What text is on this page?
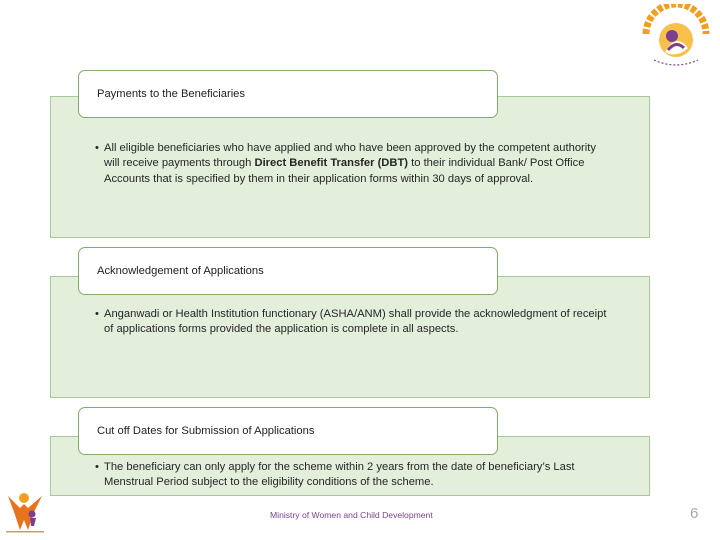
Payments to the Beneficiaries
• All eligible beneficiaries who have applied and who have been approved by the competent authority will receive payments through Direct Benefit Transfer (DBT) to their individual Bank/ Post Office Accounts that is specified by them in their application forms within 30 days of approval.
Acknowledgement of Applications
• Anganwadi or Health Institution functionary (ASHA/ANM) shall provide the acknowledgment of receipt of applications forms provided the application is complete in all aspects.
Cut off Dates for Submission of Applications
• The beneficiary can only apply for the scheme within 2 years from the date of beneficiary’s Last Menstrual Period subject to the eligibility conditions of the scheme.
Ministry of Women and Child Development	6
